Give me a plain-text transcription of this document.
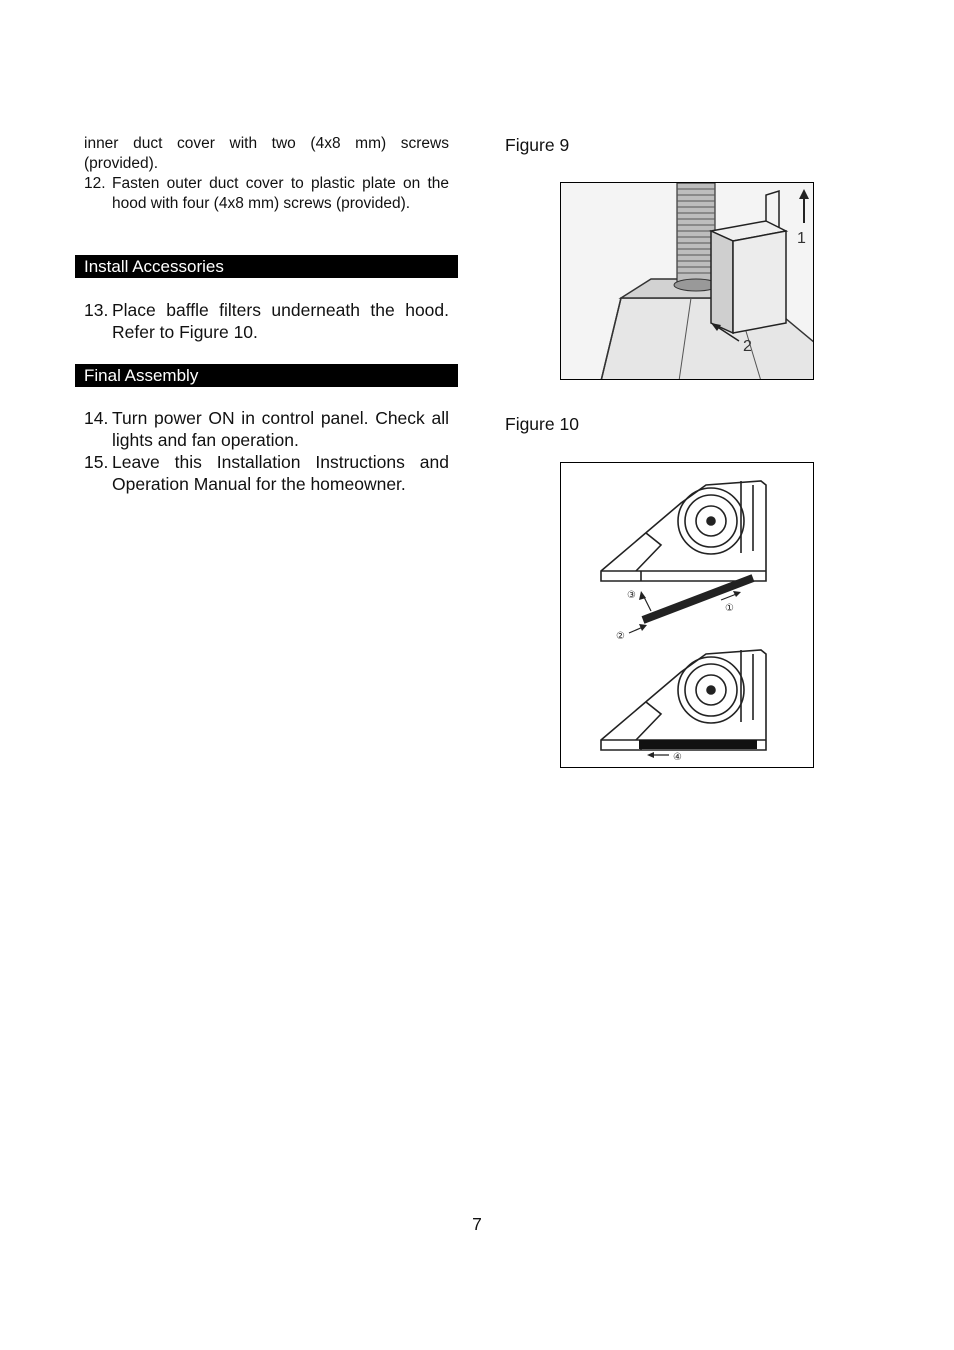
inner duct cover with two (4x8 mm) screws (provided).
12. Fasten outer duct cover to plastic plate on the hood with four (4x8 mm) screws (provided).
Install Accessories
13. Place baffle filters underneath the hood. Refer to Figure 10.
Final Assembly
14. Turn power ON in control panel. Check all lights and fan operation.
15. Leave this Installation Instructions and Operation Manual for the homeowner.
Figure 9
1
2
Figure 10
③
①
②
④
7
